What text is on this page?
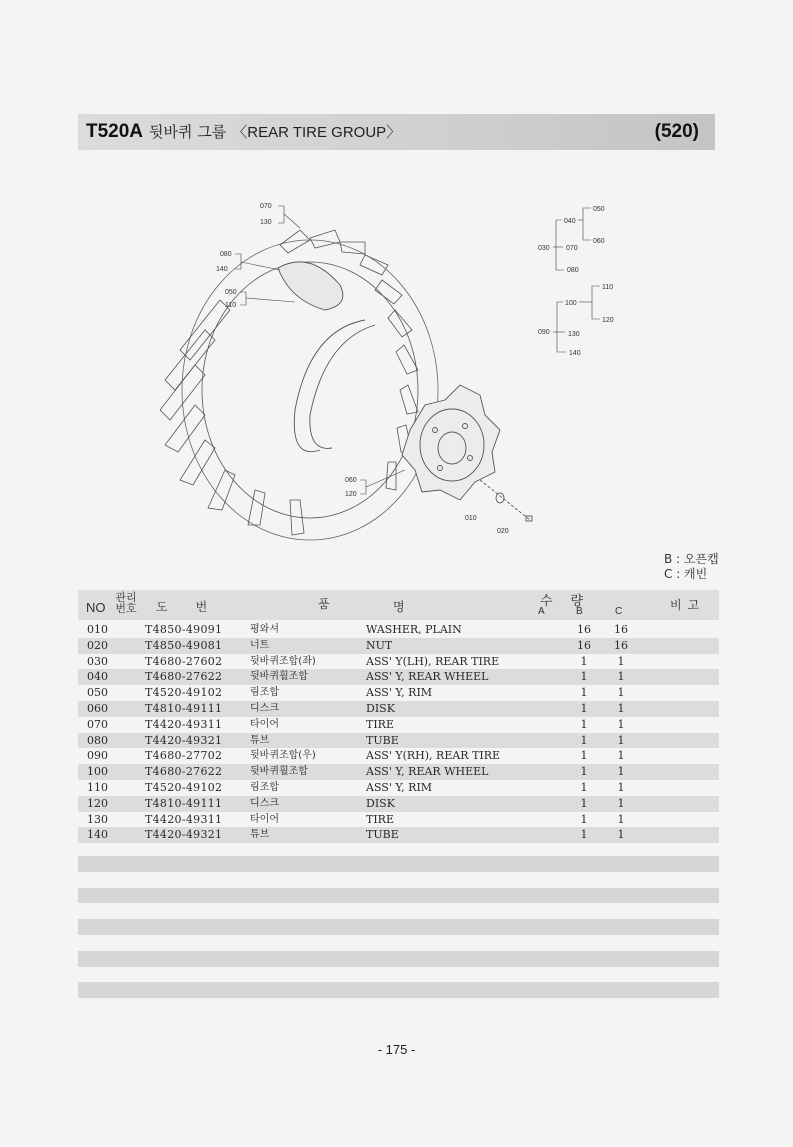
T520A 뒷바퀴 그룹 〈REAR TIRE GROUP〉	(520)
070
130
080
140
050
110
060
120
010
020
050
040
060
030 070
080
110
100
120
090	130
140
B : 오픈캡
C : 캐빈
NO
관리번호 도번	품	명	수량
A	B	C	비고
010	T4850-49091	평와셔	WASHER, PLAIN	16 16
020	T4850-49081	너트	NUT	16 16
030	T4680-27602	뒷바퀴조합(좌)	ASS' Y(LH), REAR TIRE	1	1
040	T4680-27622	뒷바퀴휠조합	ASS' Y, REAR WHEEL	1	1
050	T4520-49102	림조합	ASS' Y, RIM	1	1
060	T4810-49111	디스크	DISK	1	1
070	T4420-49311	타이어	TIRE	1	1
080	T4420-49321	튜브	TUBE	1	1
090	T4680-27702	뒷바퀴조합(우)	ASS' Y(RH), REAR TIRE	1	1
100	T4680-27622	뒷바퀴휠조합	ASS' Y, REAR WHEEL	1	1
110	T4520-49102	림조합	ASS' Y, RIM	1	1
120	T4810-49111	디스크	DISK	1	1
130	T4420-49311	타이어	TIRE	1	1
140	T4420-49321	튜브	TUBE	1	1
- 175 -
